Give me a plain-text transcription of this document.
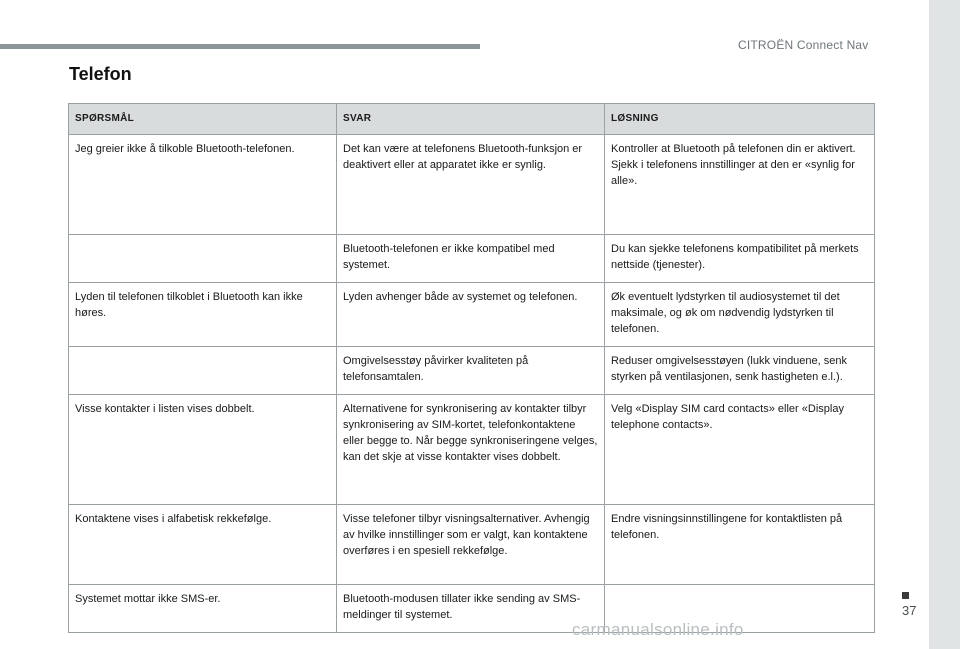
CITROËN Connect Nav
Telefon
SPØRSMÅL	SVAR	LØSNING
Jeg greier ikke å tilkoble Bluetooth-telefonen.	Det kan være at telefonens Bluetooth-funksjon er deaktivert eller at apparatet ikke er synlig.	Kontroller at Bluetooth på telefonen din er aktivert.
Sjekk i telefonens innstillinger at den er «synlig for alle».
	Bluetooth-telefonen er ikke kompatibel med systemet.	Du kan sjekke telefonens kompatibilitet på merkets nettside (tjenester).
Lyden til telefonen tilkoblet i Bluetooth kan ikke høres.	Lyden avhenger både av systemet og telefonen.	Øk eventuelt lydstyrken til audiosystemet til det maksimale, og øk om nødvendig lydstyrken til telefonen.
	Omgivelsesstøy påvirker kvaliteten på telefonsamtalen.	Reduser omgivelsesstøyen (lukk vinduene, senk styrken på ventilasjonen, senk hastigheten e.l.).
Visse kontakter i listen vises dobbelt.	Alternativene for synkronisering av kontakter tilbyr synkronisering av SIM-kortet, telefonkontaktene eller begge to. Når begge synkroniseringene velges, kan det skje at visse kontakter vises dobbelt.	Velg «Display SIM card contacts» eller «Display telephone contacts».
Kontaktene vises i alfabetisk rekkefølge.	Visse telefoner tilbyr visningsalternativer. Avhengig av hvilke innstillinger som er valgt, kan kontaktene overføres i en spesiell rekkefølge.	Endre visningsinnstillingene for kontaktlisten på telefonen.
Systemet mottar ikke SMS-er.	Bluetooth-modusen tillater ikke sending av SMS-meldinger til systemet.		37
carmanualsonline.info
